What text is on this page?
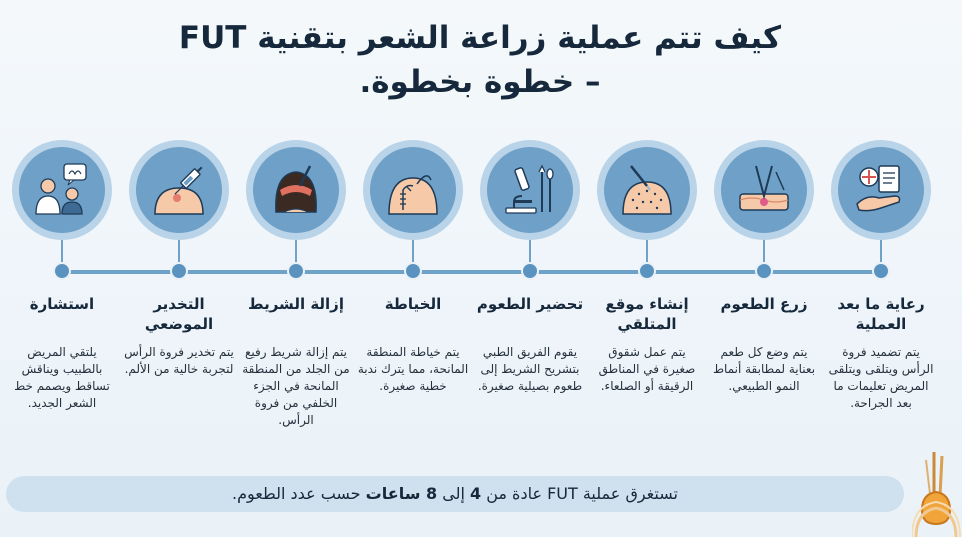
كيف تتم عملية زراعة الشعر بتقنية FUT
– خطوة بخطوة.
رعاية ما بعد العملية
يتم تضميد فروة الرأس ويتلقى ويتلقى المريض تعليمات ما بعد الجراحة.
زرع الطعوم
يتم وضع كل طعم بعناية لمطابقة أنماط النمو الطبيعي.
إنشاء موقع المتلقي
يتم عمل شقوق صغيرة في المناطق الرقيقة أو الصلعاء.
تحضير الطعوم
يقوم الفريق الطبي بتشريح الشريط إلى طعوم بصيلية صغيرة.
الخياطة
يتم خياطة المنطقة المانحة، مما يترك ندبة خطية صغيرة.
إزالة الشريط
يتم إزالة شريط رفيع من الجلد من المنطقة المانحة في الجزء الخلفي من فروة الرأس.
التخدير الموضعي
يتم تخدير فروة الرأس لتجربة خالية من الألم.
استشارة
يلتقي المريض بالطبيب ويناقش تساقط ويصمم خط الشعر الجديد.
تستغرق عملية FUT عادة من 4 إلى 8 ساعات حسب عدد الطعوم.
